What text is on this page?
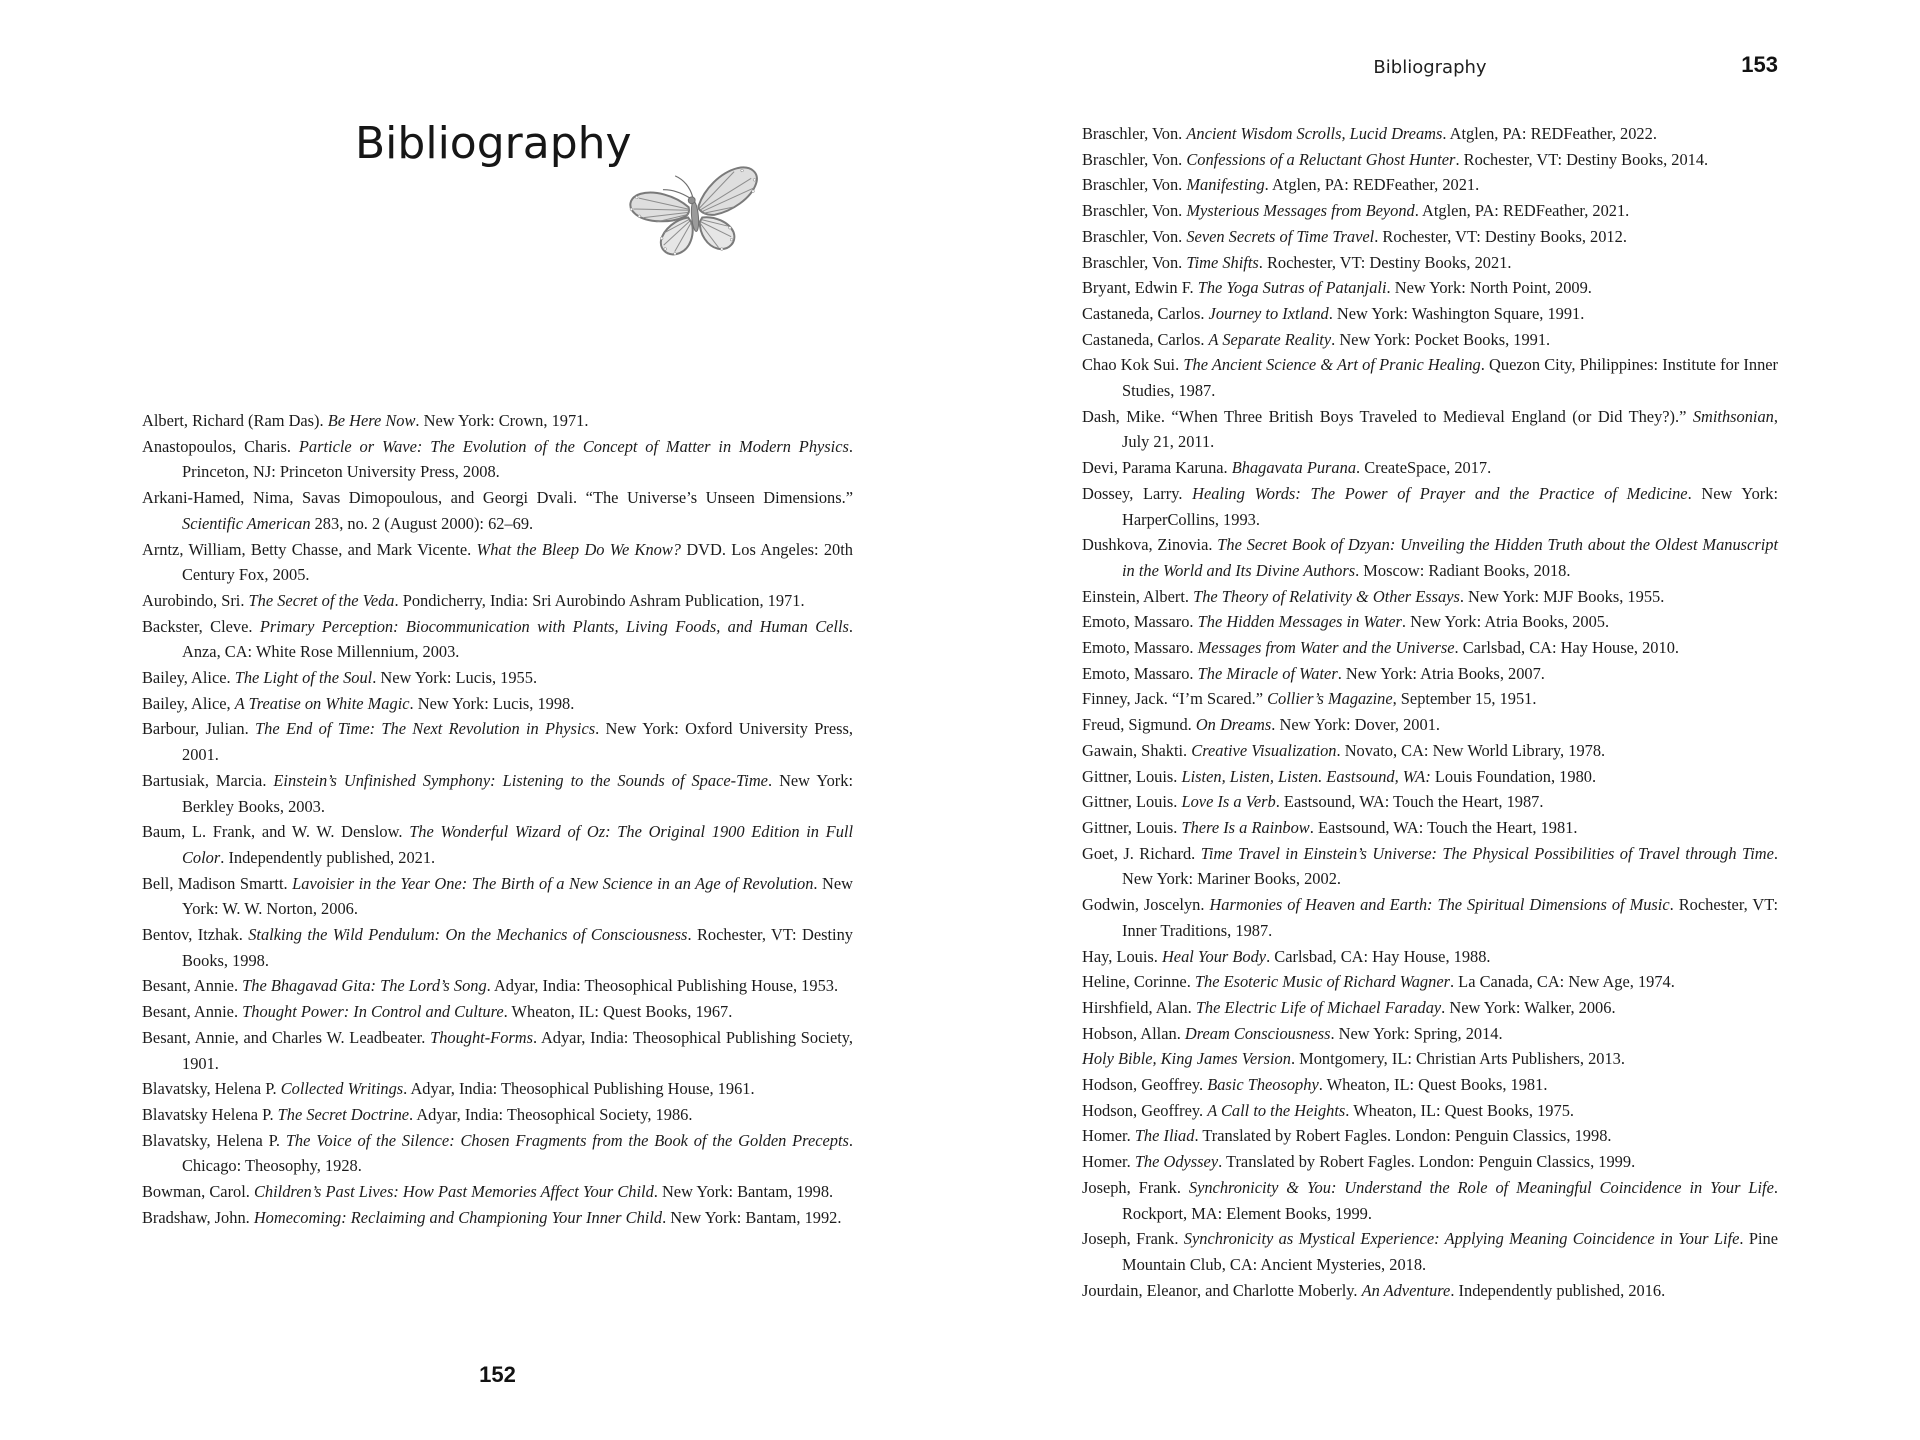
Bibliography

Albert, Richard (Ram Das). Be Here Now. New York: Crown, 1971.

Anastopoulos, Charis. Particle or Wave: The Evolution of the Concept of Matter in Modern Physics. Princeton, NJ: Princeton University Press, 2008.

Arkani-Hamed, Nima, Savas Dimopoulous, and Georgi Dvali. “The Universe’s Unseen Dimensions.” Scientific American 283, no. 2 (August 2000): 62–69.

Arntz, William, Betty Chasse, and Mark Vicente. What the Bleep Do We Know? DVD. Los Angeles: 20th Century Fox, 2005.

Aurobindo, Sri. The Secret of the Veda. Pondicherry, India: Sri Aurobindo Ashram Publication, 1971.

Backster, Cleve. Primary Perception: Biocommunication with Plants, Living Foods, and Human Cells. Anza, CA: White Rose Millennium, 2003.

Bailey, Alice. The Light of the Soul. New York: Lucis, 1955.

Bailey, Alice, A Treatise on White Magic. New York: Lucis, 1998.

Barbour, Julian. The End of Time: The Next Revolution in Physics. New York: Oxford University Press, 2001.

Bartusiak, Marcia. Einstein’s Unfinished Symphony: Listening to the Sounds of Space-Time. New York: Berkley Books, 2003.

Baum, L. Frank, and W. W. Denslow. The Wonderful Wizard of Oz: The Original 1900 Edition in Full Color. Independently published, 2021.

Bell, Madison Smartt. Lavoisier in the Year One: The Birth of a New Science in an Age of Revolution. New York: W. W. Norton, 2006.

Bentov, Itzhak. Stalking the Wild Pendulum: On the Mechanics of Consciousness. Rochester, VT: Destiny Books, 1998.

Besant, Annie. The Bhagavad Gita: The Lord’s Song. Adyar, India: Theosophical Publishing House, 1953.

Besant, Annie. Thought Power: In Control and Culture. Wheaton, IL: Quest Books, 1967.

Besant, Annie, and Charles W. Leadbeater. Thought-Forms. Adyar, India: Theosophical Publishing Society, 1901.

Blavatsky, Helena P. Collected Writings. Adyar, India: Theosophical Publishing House, 1961.

Blavatsky Helena P. The Secret Doctrine. Adyar, India: Theosophical Society, 1986.

Blavatsky, Helena P. The Voice of the Silence: Chosen Fragments from the Book of the Golden Precepts. Chicago: Theosophy, 1928.

Bowman, Carol. Children’s Past Lives: How Past Memories Affect Your Child. New York: Bantam, 1998.

Bradshaw, John. Homecoming: Reclaiming and Championing Your Inner Child. New York: Bantam, 1992.

152
Bibliography	153

Braschler, Von. Ancient Wisdom Scrolls, Lucid Dreams. Atglen, PA: REDFeather, 2022.

Braschler, Von. Confessions of a Reluctant Ghost Hunter. Rochester, VT: Destiny Books, 2014.

Braschler, Von. Manifesting. Atglen, PA: REDFeather, 2021.

Braschler, Von. Mysterious Messages from Beyond. Atglen, PA: REDFeather, 2021.

Braschler, Von. Seven Secrets of Time Travel. Rochester, VT: Destiny Books, 2012.

Braschler, Von. Time Shifts. Rochester, VT: Destiny Books, 2021.

Bryant, Edwin F. The Yoga Sutras of Patanjali. New York: North Point, 2009.

Castaneda, Carlos. Journey to Ixtland. New York: Washington Square, 1991.

Castaneda, Carlos. A Separate Reality. New York: Pocket Books, 1991.

Chao Kok Sui. The Ancient Science & Art of Pranic Healing. Quezon City, Philippines: Institute for Inner Studies, 1987.

Dash, Mike. “When Three British Boys Traveled to Medieval England (or Did They?).” Smithsonian, July 21, 2011.

Devi, Parama Karuna. Bhagavata Purana. CreateSpace, 2017.

Dossey, Larry. Healing Words: The Power of Prayer and the Practice of Medicine. New York: HarperCollins, 1993.

Dushkova, Zinovia. The Secret Book of Dzyan: Unveiling the Hidden Truth about the Oldest Manuscript in the World and Its Divine Authors. Moscow: Radiant Books, 2018.

Einstein, Albert. The Theory of Relativity & Other Essays. New York: MJF Books, 1955.

Emoto, Massaro. The Hidden Messages in Water. New York: Atria Books, 2005.

Emoto, Massaro. Messages from Water and the Universe. Carlsbad, CA: Hay House, 2010.

Emoto, Massaro. The Miracle of Water. New York: Atria Books, 2007.

Finney, Jack. “I’m Scared.” Collier’s Magazine, September 15, 1951.

Freud, Sigmund. On Dreams. New York: Dover, 2001.

Gawain, Shakti. Creative Visualization. Novato, CA: New World Library, 1978.

Gittner, Louis. Listen, Listen, Listen. Eastsound, WA: Louis Foundation, 1980.

Gittner, Louis. Love Is a Verb. Eastsound, WA: Touch the Heart, 1987.

Gittner, Louis. There Is a Rainbow. Eastsound, WA: Touch the Heart, 1981.

Goet, J. Richard. Time Travel in Einstein’s Universe: The Physical Possibilities of Travel through Time. New York: Mariner Books, 2002.

Godwin, Joscelyn. Harmonies of Heaven and Earth: The Spiritual Dimensions of Music. Rochester, VT: Inner Traditions, 1987.

Hay, Louis. Heal Your Body. Carlsbad, CA: Hay House, 1988.

Heline, Corinne. The Esoteric Music of Richard Wagner. La Canada, CA: New Age, 1974.

Hirshfield, Alan. The Electric Life of Michael Faraday. New York: Walker, 2006.

Hobson, Allan. Dream Consciousness. New York: Spring, 2014.

Holy Bible, King James Version. Montgomery, IL: Christian Arts Publishers, 2013.

Hodson, Geoffrey. Basic Theosophy. Wheaton, IL: Quest Books, 1981.

Hodson, Geoffrey. A Call to the Heights. Wheaton, IL: Quest Books, 1975.

Homer. The Iliad. Translated by Robert Fagles. London: Penguin Classics, 1998.

Homer. The Odyssey. Translated by Robert Fagles. London: Penguin Classics, 1999.

Joseph, Frank. Synchronicity & You: Understand the Role of Meaningful Coincidence in Your Life. Rockport, MA: Element Books, 1999.

Joseph, Frank. Synchronicity as Mystical Experience: Applying Meaning Coincidence in Your Life. Pine Mountain Club, CA: Ancient Mysteries, 2018.

Jourdain, Eleanor, and Charlotte Moberly. An Adventure. Independently published, 2016.
